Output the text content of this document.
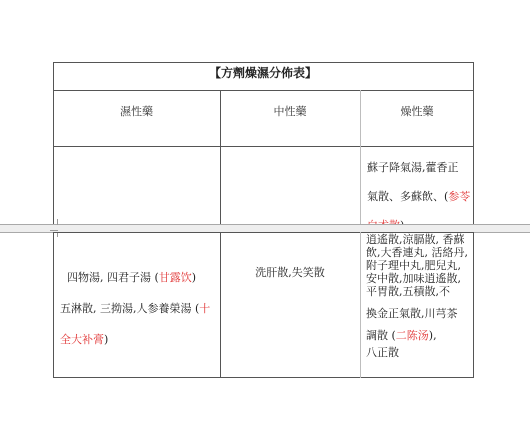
【方劑燥濕分佈表】
濕性藥	中性藥	燥性藥
蘇子降氣湯,藿香正
氣散、多蘇飲、(参苓
四物湯, 四君子湯 (甘露饮)
五淋散, 三拗湯,人参養榮湯 (十
全大补膏)
洗肝散,失笑散
逍遙散,涼膈散, 香蘇
飲,大香連丸, 活絡丹,
附子理中丸,肥兒丸,
安中散,加味逍遙散,
平胃散,五積散,不
換金正氣散,川芎茶
調散 (二陈汤),
八正散
